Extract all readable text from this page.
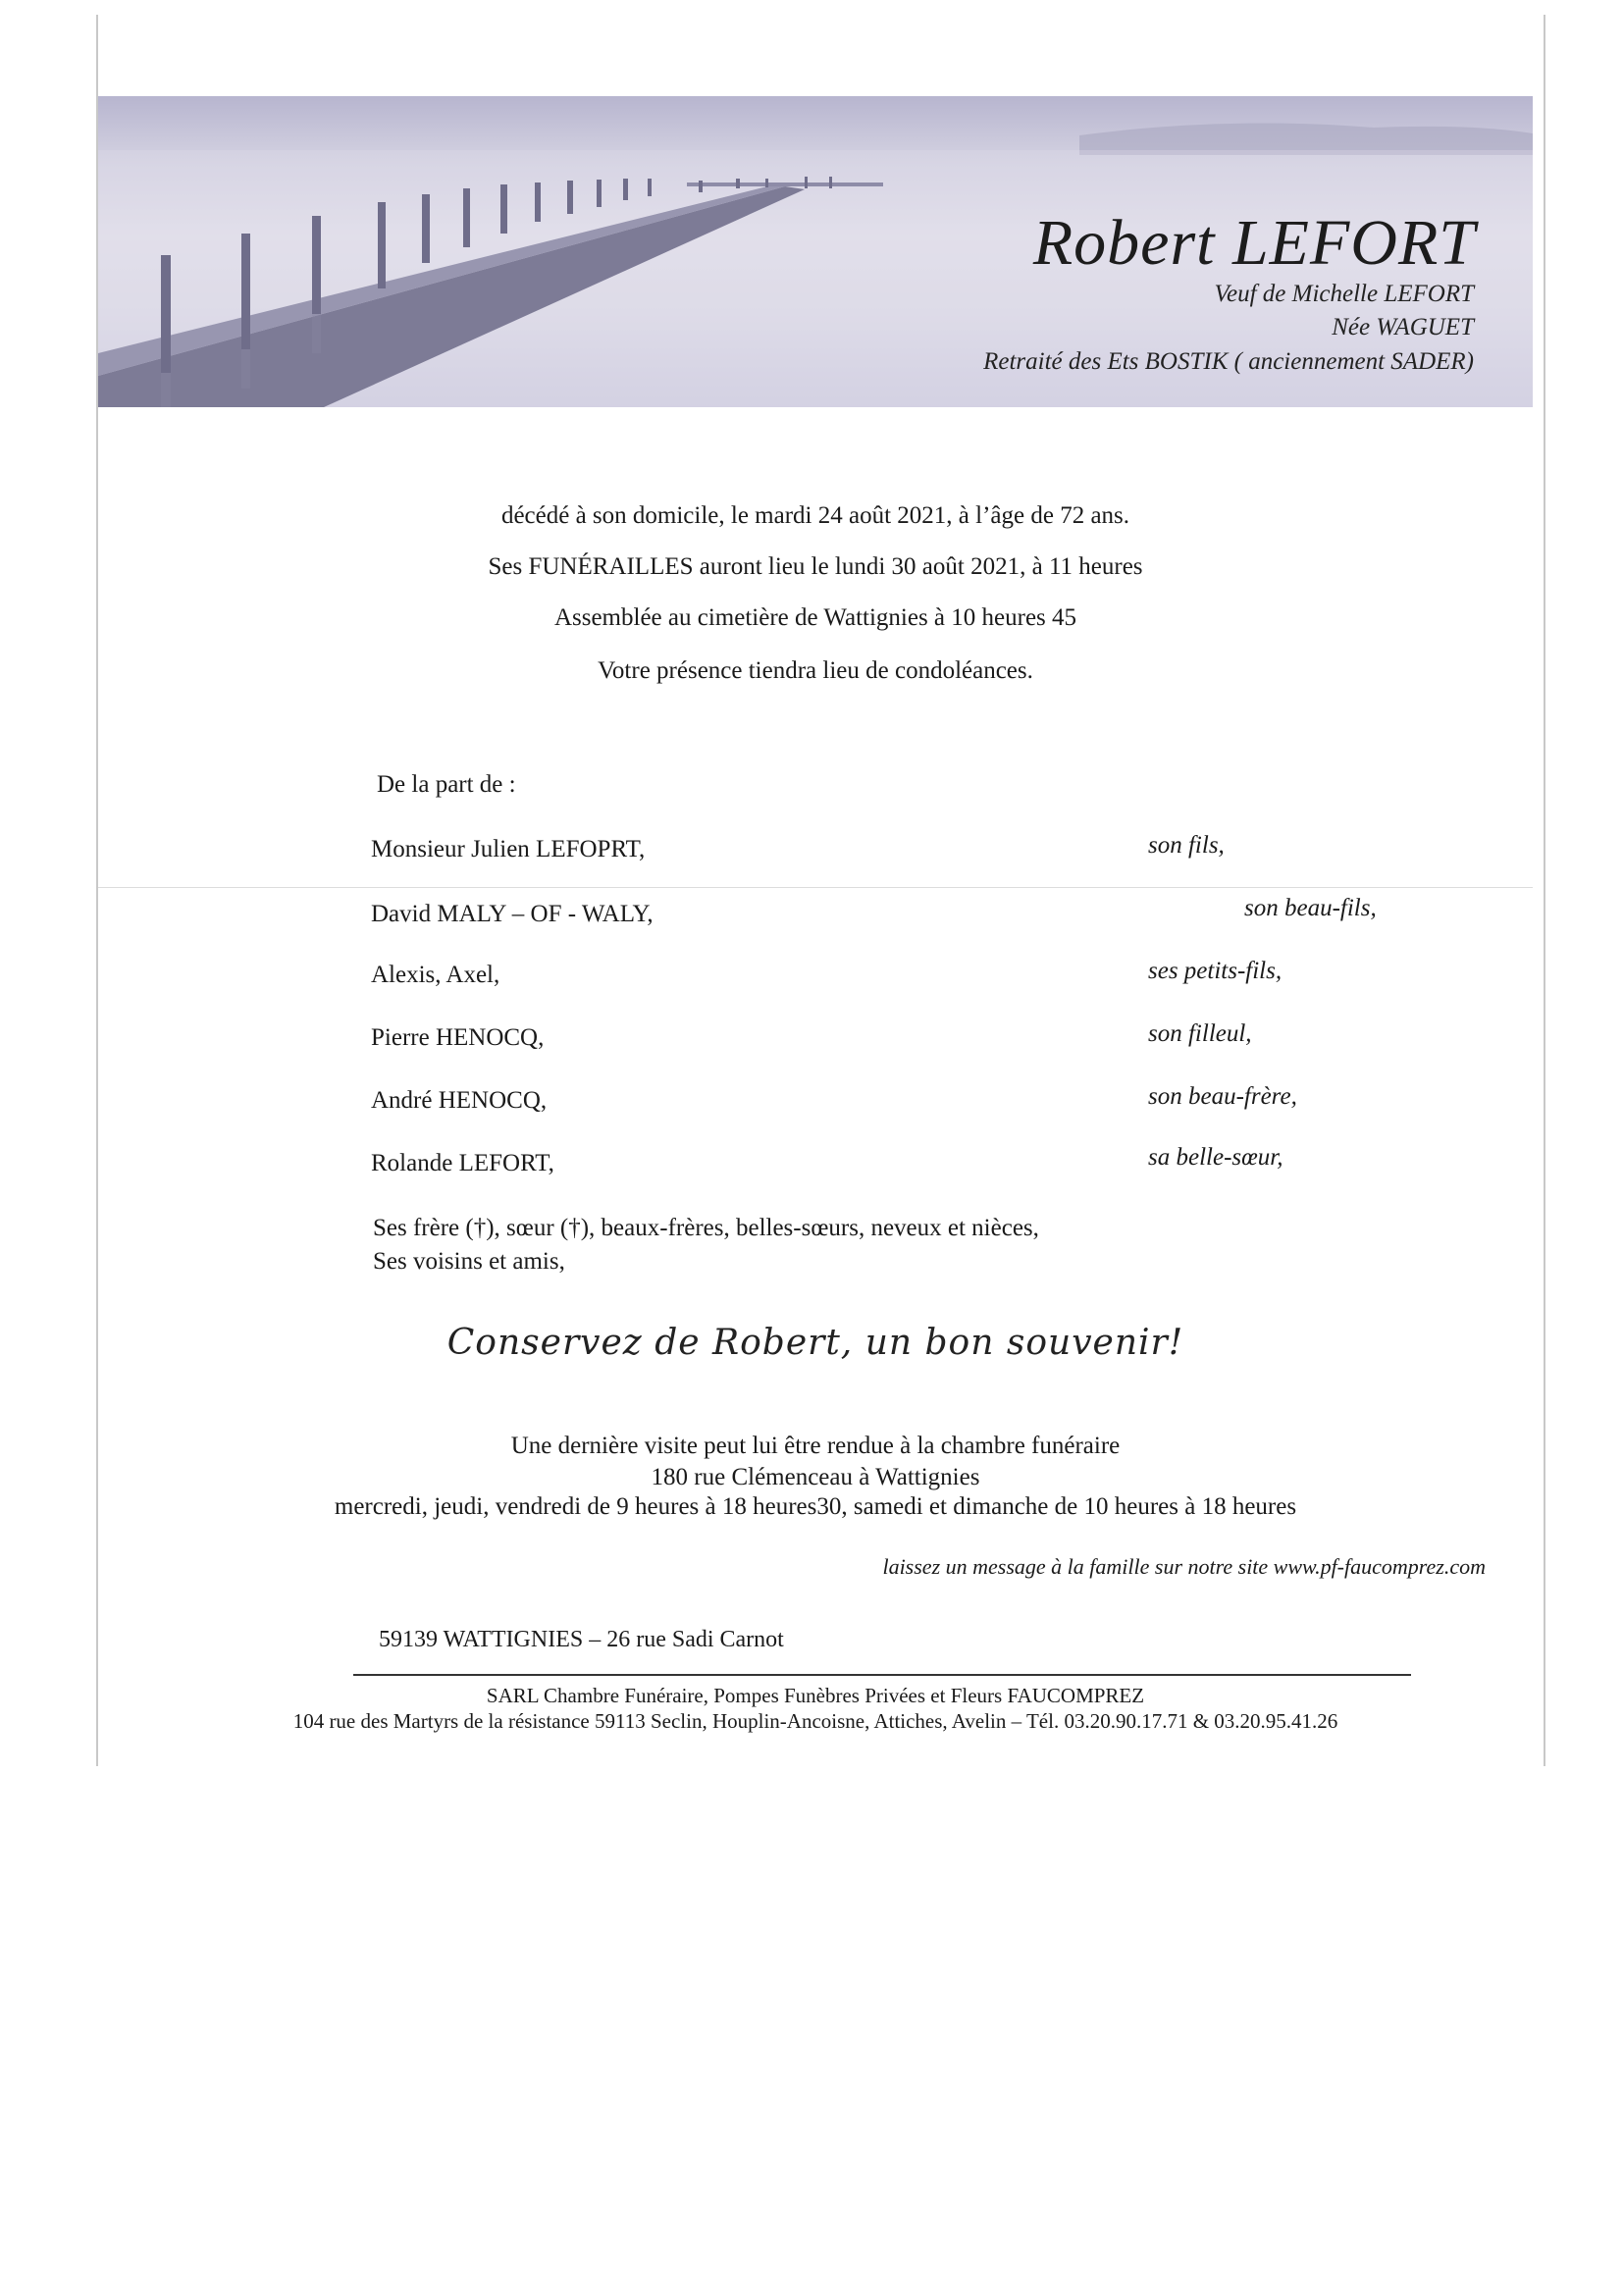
Robert LEFORT
Veuf de Michelle LEFORT
Née WAGUET
Retraité des Ets BOSTIK ( anciennement SADER)
décédé à son domicile, le mardi 24 août 2021, à l’âge de 72 ans.
Ses FUNÉRAILLES auront lieu le lundi 30 août 2021, à 11 heures
Assemblée au cimetière de Wattignies à 10 heures 45
Votre présence tiendra lieu de condoléances.
De la part de :
Monsieur Julien LEFOPRT,	son fils,
David MALY – OF - WALY,	son beau-fils,
Alexis, Axel,	ses petits-fils,
Pierre HENOCQ,	son filleul,
André HENOCQ,	son beau-frère,
Rolande LEFORT,	sa belle-sœur,
Ses frère (†), sœur (†), beaux-frères, belles-sœurs, neveux et nièces,
Ses voisins et amis,
Conservez de Robert, un bon souvenir!
Une dernière visite peut lui être rendue à la chambre funéraire
180 rue Clémenceau à Wattignies
mercredi, jeudi, vendredi de 9 heures à 18 heures30, samedi et dimanche de 10 heures à 18 heures
laissez un message à la famille sur notre site www.pf-faucomprez.com
59139 WATTIGNIES – 26 rue Sadi Carnot
SARL Chambre Funéraire, Pompes Funèbres Privées et Fleurs FAUCOMPREZ
104 rue des Martyrs de la résistance 59113 Seclin, Houplin-Ancoisne, Attiches, Avelin – Tél. 03.20.90.17.71 & 03.20.95.41.26
